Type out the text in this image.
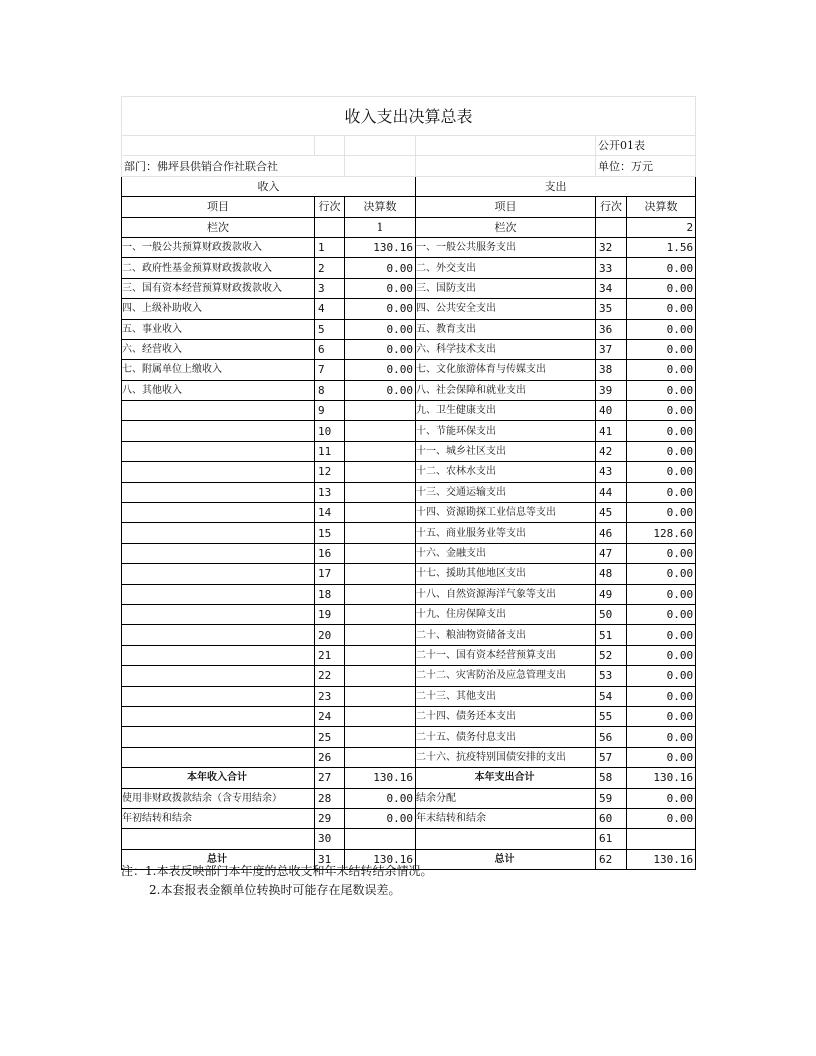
收入支出决算总表					
				公开01表	
部门：佛坪县供销合作社联合社				单位：万元	
收入			支出		
项目	行次	决算数	项目	行次	决算数
栏次		1	栏次		2
一、一般公共预算财政拨款收入	1	130.16	一、一般公共服务支出	32	1.56
二、政府性基金预算财政拨款收入	2	0.00	二、外交支出	33	0.00
三、国有资本经营预算财政拨款收入	3	0.00	三、国防支出	34	0.00
四、上级补助收入	4	0.00	四、公共安全支出	35	0.00
五、事业收入	5	0.00	五、教育支出	36	0.00
六、经营收入	6	0.00	六、科学技术支出	37	0.00
七、附属单位上缴收入	7	0.00	七、文化旅游体育与传媒支出	38	0.00
八、其他收入	8	0.00	八、社会保障和就业支出	39	0.00
	9		九、卫生健康支出	40	0.00
	10		十、节能环保支出	41	0.00
	11		十一、城乡社区支出	42	0.00
	12		十二、农林水支出	43	0.00
	13		十三、交通运输支出	44	0.00
	14		十四、资源勘探工业信息等支出	45	0.00
	15		十五、商业服务业等支出	46	128.60
	16		十六、金融支出	47	0.00
	17		十七、援助其他地区支出	48	0.00
	18		十八、自然资源海洋气象等支出	49	0.00
	19		十九、住房保障支出	50	0.00
	20		二十、粮油物资储备支出	51	0.00
	21		二十一、国有资本经营预算支出	52	0.00
	22		二十二、灾害防治及应急管理支出	53	0.00
	23		二十三、其他支出	54	0.00
	24		二十四、债务还本支出	55	0.00
	25		二十五、债务付息支出	56	0.00
	26		二十六、抗疫特别国债安排的支出	57	0.00
本年收入合计	27	130.16	本年支出合计	58	130.16
使用非财政拨款结余（含专用结余）	28	0.00	结余分配	59	0.00
年初结转和结余	29	0.00	年末结转和结余	60	0.00
	30			61	
总计	31	130.16	总计	62	130.16
注：1.本表反映部门本年度的总收支和年末结转结余情况。
2.本套报表金额单位转换时可能存在尾数误差。
